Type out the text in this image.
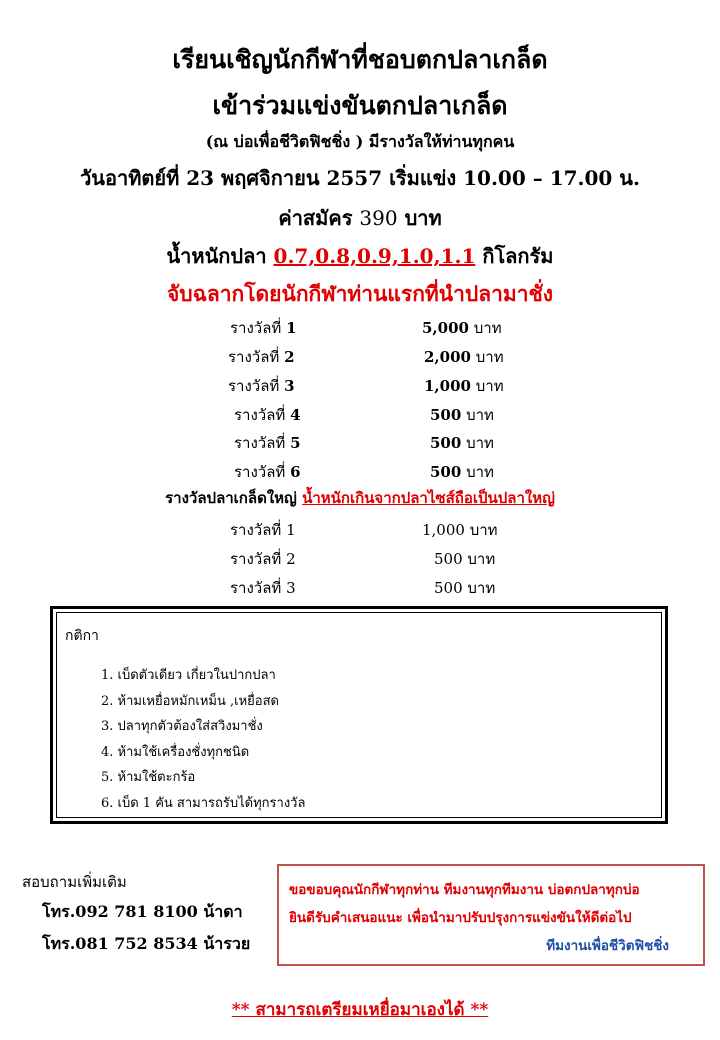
เรียนเชิญนักกีฬาที่ชอบตกปลาเกล็ด
เข้าร่วมแข่งขันตกปลาเกล็ด
(ณ บ่อเพื่อชีวิตฟิชชิ่ง ) มีรางวัลให้ท่านทุกคน
วันอาทิตย์ที่ 23 พฤศจิกายน 2557 เริ่มแข่ง 10.00 – 17.00 น.
ค่าสมัคร 390 บาท
น้ำหนักปลา 0.7,0.8,0.9,1.0,1.1 กิโลกรัม
จับฉลากโดยนักกีฬาท่านแรกที่นำปลามาชั่ง
รางวัลที่ 1	5,000 บาท
รางวัลที่ 2	2,000 บาท
รางวัลที่ 3	1,000 บาท
รางวัลที่ 4	500 บาท
รางวัลที่ 5	500 บาท
รางวัลที่ 6	500 บาท
รางวัลปลาเกล็ดใหญ่ น้ำหนักเกินจากปลาไซส์ถือเป็นปลาใหญ่
รางวัลที่ 1	1,000 บาท
รางวัลที่ 2	500 บาท
รางวัลที่ 3	500 บาท
กติกา
1. เบ็ดตัวเดียว เกี่ยวในปากปลา
2. ห้ามเหยื่อหมักเหม็น ,เหยื่อสด
3. ปลาทุกตัวต้องใส่สวิงมาชั่ง
4. ห้ามใช้เครื่องชั่งทุกชนิด
5. ห้ามใช้ตะกร้อ
6. เบ็ด 1 คัน สามารถรับได้ทุกรางวัล
สอบถามเพิ่มเติม
โทร.092 781 8100 น้าดา
โทร.081 752 8534 น้ารวย
ขอขอบคุณนักกีฬาทุกท่าน ทีมงานทุกทีมงาน บ่อตกปลาทุกบ่อ
ยินดีรับคำเสนอแนะ เพื่อนำมาปรับปรุงการแข่งขันให้ดีต่อไป
ทีมงานเพื่อชีวิตฟิชชิ่ง
** สามารถเตรียมเหยื่อมาเองได้ **
